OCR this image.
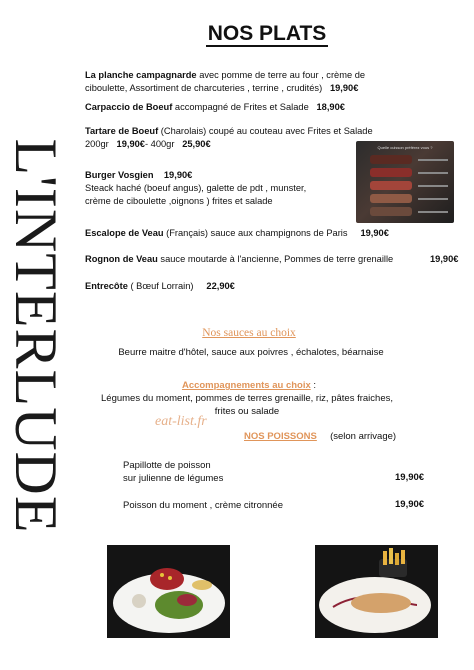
L'INTERLUDE
NOS PLATS
La planche campagnarde avec pomme de terre au four , crème de
ciboulette, Assortiment de charcuteries , terrine , crudités) 19,90€
Carpaccio de Boeuf accompagné de Frites et Salade 18,90€
Tartare de Boeuf (Charolais) coupé au couteau avec Frites et Salade
200gr 19,90€- 400gr 25,90€
Burger Vosgien 19,90€
Steack haché (boeuf angus), galette de pdt , munster,
crème de ciboulette ,oignons ) frites et salade
Quelle cuisson préférez vous ?
Escalope de Veau (Français) sauce aux champignons de Paris 19,90€
Rognon de Veau sauce moutarde à l'ancienne, Pommes de terre grenaille	19,90€
Entrecôte ( Bœuf Lorrain) 22,90€
Nos sauces au choix
Beurre maitre d'hôtel, sauce aux poivres , échalotes, béarnaise
Accompagnements au choix :
Légumes du moment, pommes de terres grenaille, riz, pâtes fraiches,
frites ou salade
eat-list.fr
NOS POISSONS (selon arrivage)
Papillotte de poisson
sur julienne de légumes	19,90€
Poisson du moment , crème citronnée	19,90€
